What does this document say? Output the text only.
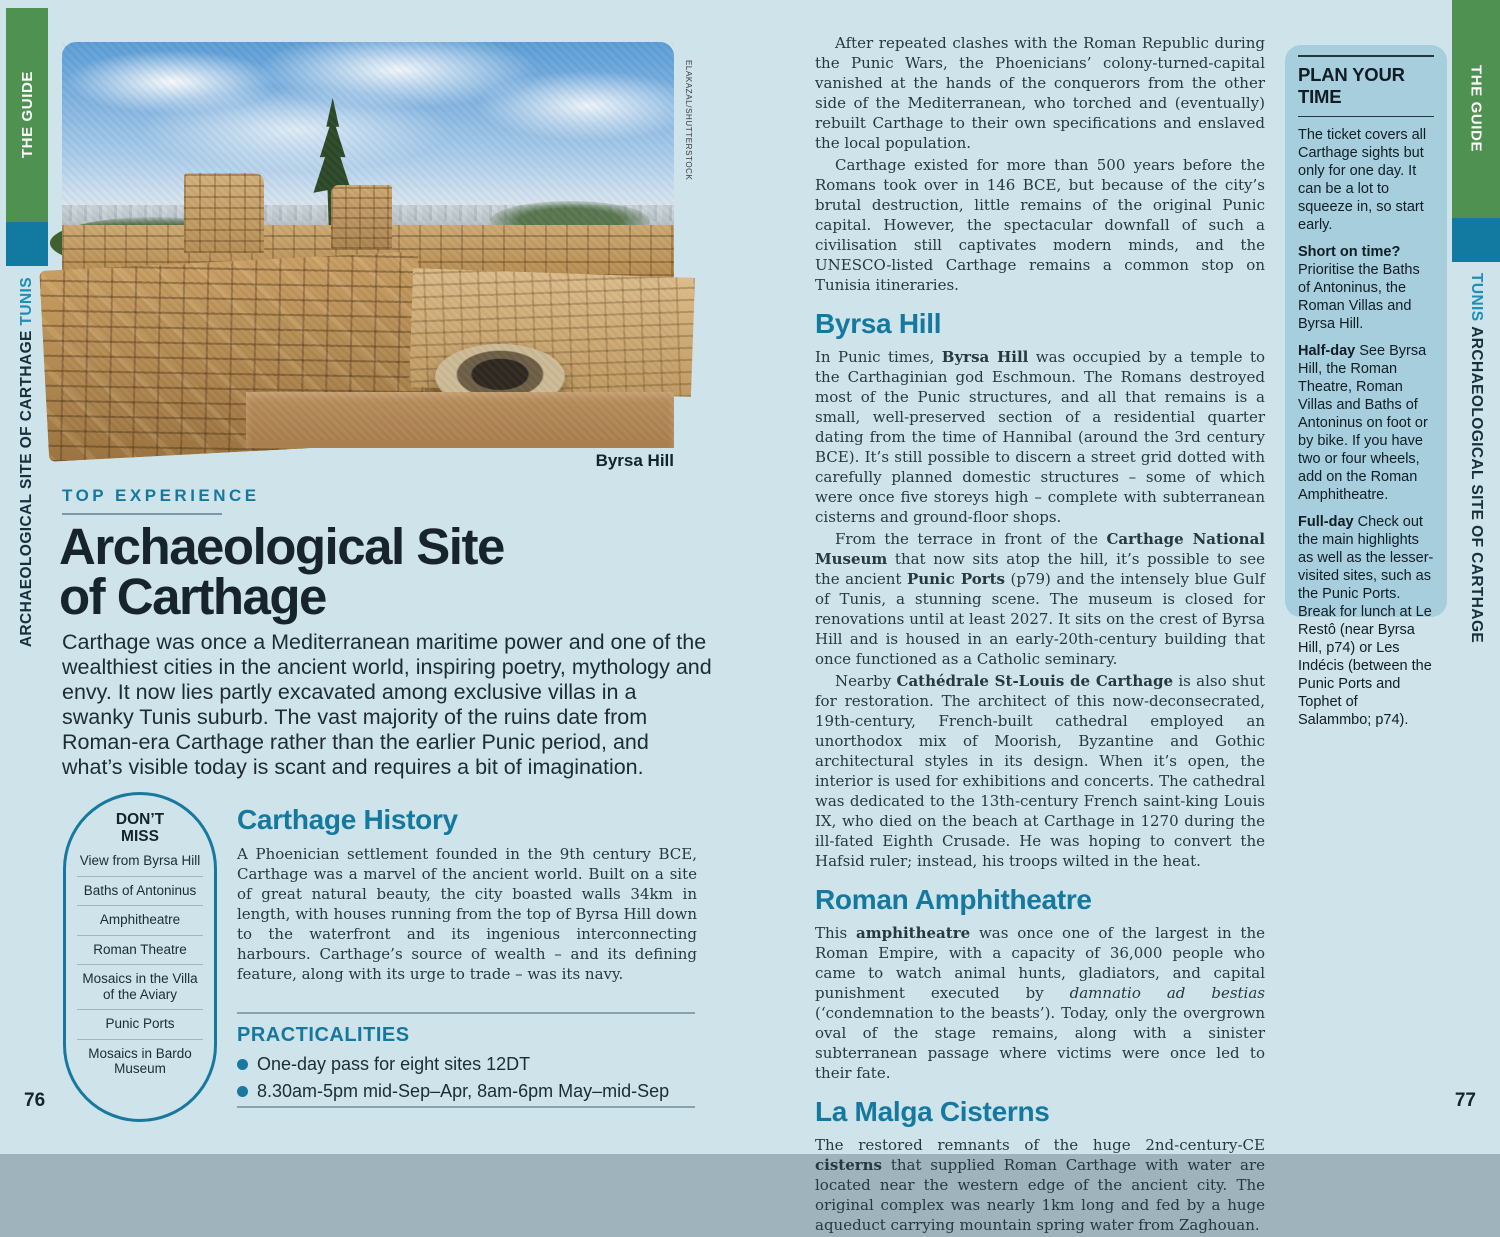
THE GUIDE
ARCHAEOLOGICAL SITE OF CARTHAGE TUNIS
THE GUIDE
TUNIS ARCHAEOLOGICAL SITE OF CARTHAGE
ELAKAZAL/SHUTTERSTOCK
Byrsa Hill
TOP EXPERIENCE
Archaeological Site
of Carthage
Carthage was once a Mediterranean maritime power and one of the wealthiest cities in the ancient world, inspiring poetry, mythology and envy. It now lies partly excavated among exclusive villas in a swanky Tunis suburb. The vast majority of the ruins date from Roman-era Carthage rather than the earlier Punic period, and what’s visible today is scant and requires a bit of imagination.
DON’T MISS
View from Byrsa Hill
Baths of Antoninus
Amphitheatre
Roman Theatre
Mosaics in the Villa of the Aviary
Punic Ports
Mosaics in Bardo Museum
Carthage History
A Phoenician settlement founded in the 9th century BCE, Carthage was a marvel of the ancient world. Built on a site of great natural beauty, the city boasted walls 34km in length, with houses running from the top of Byrsa Hill down to the waterfront and its ingenious interconnecting harbours. Carthage’s source of wealth – and its defining feature, along with its urge to trade – was its navy.
PRACTICALITIES
One-day pass for eight sites 12DT
8.30am-5pm mid-Sep–Apr, 8am-6pm May–mid-Sep
76	77

After repeated clashes with the Roman Republic during the Punic Wars, the Phoenicians’ colony-turned-capital vanished at the hands of the conquerors from the other side of the Mediterranean, who torched and (eventually) rebuilt Carthage to their own specifications and enslaved the local population.

Carthage existed for more than 500 years before the Romans took over in 146 BCE, but because of the city’s brutal destruction, little remains of the original Punic capital. However, the spectacular downfall of such a civilisation still captivates modern minds, and the UNESCO-listed Carthage remains a common stop on Tunisia itineraries.

Byrsa Hill

In Punic times, Byrsa Hill was occupied by a temple to the Carthaginian god Eschmoun. The Romans destroyed most of the Punic structures, and all that remains is a small, well-preserved section of a residential quarter dating from the time of Hannibal (around the 3rd century BCE). It’s still possible to discern a street grid dotted with carefully planned domestic structures – some of which were once five storeys high – complete with subterranean cisterns and ground-floor shops.

From the terrace in front of the Carthage National Museum that now sits atop the hill, it’s possible to see the ancient Punic Ports (p79) and the intensely blue Gulf of Tunis, a stunning scene. The museum is closed for renovations until at least 2027. It sits on the crest of Byrsa Hill and is housed in an early-20th-century building that once functioned as a Catholic seminary.

Nearby Cathédrale St-Louis de Carthage is also shut for restoration. The architect of this now-deconsecrated, 19th-century, French-built cathedral employed an unorthodox mix of Moorish, Byzantine and Gothic architectural styles in its design. When it’s open, the interior is used for exhibitions and concerts. The cathedral was dedicated to the 13th-century French saint-king Louis IX, who died on the beach at Carthage in 1270 during the ill-fated Eighth Crusade. He was hoping to convert the Hafsid ruler; instead, his troops wilted in the heat.

Roman Amphitheatre

This amphitheatre was once one of the largest in the Roman Empire, with a capacity of 36,000 people who came to watch animal hunts, gladiators, and capital punishment executed by damnatio ad bestias (‘condemnation to the beasts’). Today, only the overgrown oval of the stage remains, along with a sinister subterranean passage where victims were once led to their fate.

La Malga Cisterns

The restored remnants of the huge 2nd-century-CE cisterns that supplied Roman Carthage with water are located near the western edge of the ancient city. The original complex was nearly 1km long and fed by a huge aqueduct carrying mountain spring water from Zaghouan.

PLAN YOUR TIME
The ticket covers all Carthage sights but only for one day. It can be a lot to squeeze in, so start early.
Short on time? Prioritise the Baths of Antoninus, the Roman Villas and Byrsa Hill.
Half-day See Byrsa Hill, the Roman Theatre, Roman Villas and Baths of Antoninus on foot or by bike. If you have two or four wheels, add on the Roman Amphitheatre.
Full-day Check out the main highlights as well as the lesser-visited sites, such as the Punic Ports. Break for lunch at Le Restô (near Byrsa Hill, p74) or Les Indécis (between the Punic Ports and Tophet of Salammbo; p74).
